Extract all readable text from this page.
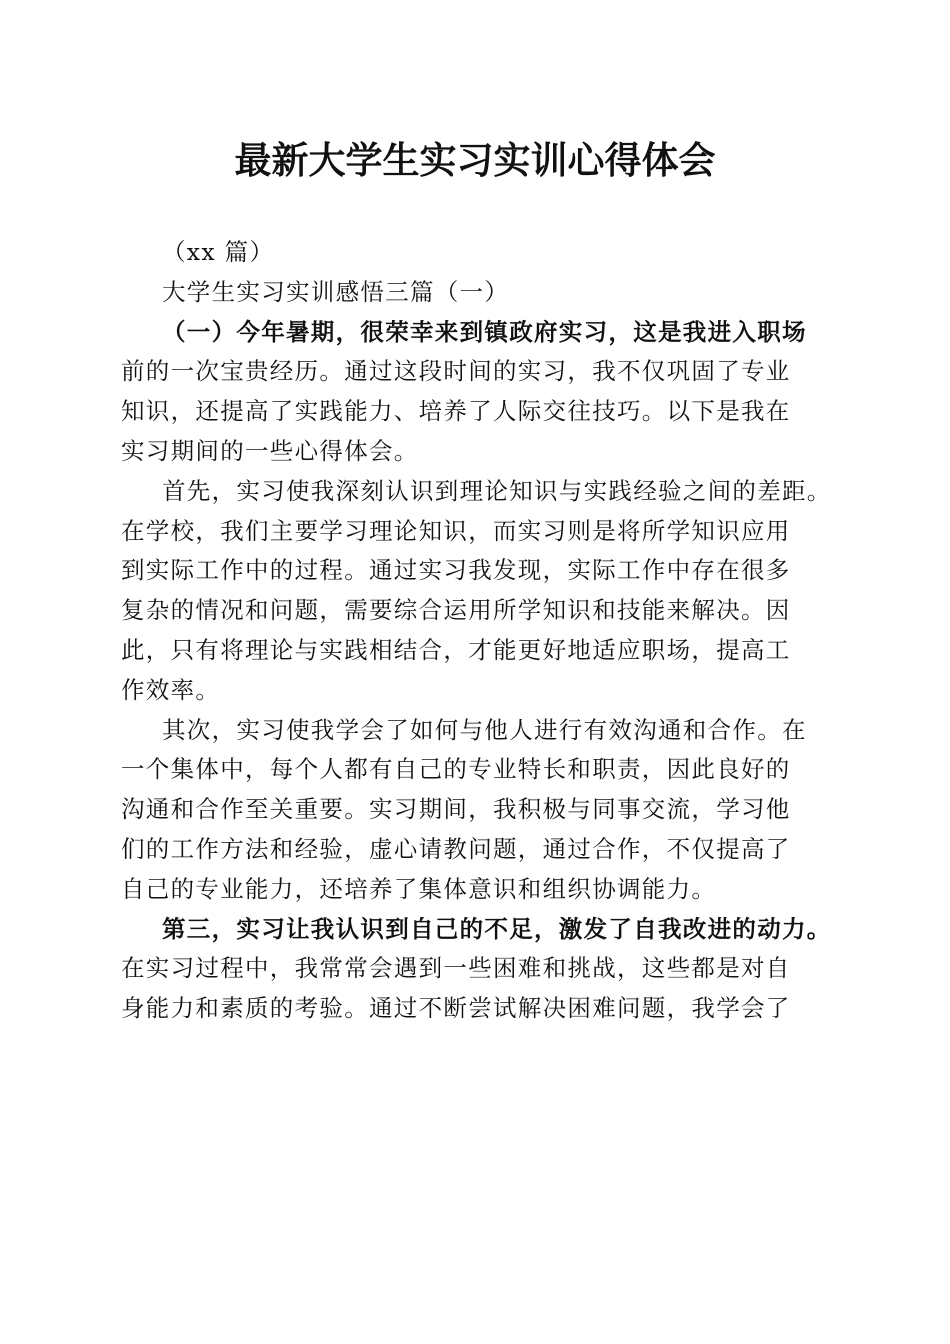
最新大学生实习实训心得体会

（xx 篇）

大学生实习实训感悟三篇（一）

（一）今年暑期，很荣幸来到镇政府实习，这是我进入职场
前的一次宝贵经历。通过这段时间的实习，我不仅巩固了专业
知识，还提高了实践能力、培养了人际交往技巧。以下是我在
实习期间的一些心得体会。

首先，实习使我深刻认识到理论知识与实践经验之间的差距。
在学校，我们主要学习理论知识，而实习则是将所学知识应用
到实际工作中的过程。通过实习我发现，实际工作中存在很多
复杂的情况和问题，需要综合运用所学知识和技能来解决。因
此，只有将理论与实践相结合，才能更好地适应职场，提高工
作效率。

其次，实习使我学会了如何与他人进行有效沟通和合作。在
一个集体中，每个人都有自己的专业特长和职责，因此良好的
沟通和合作至关重要。实习期间，我积极与同事交流，学习他
们的工作方法和经验，虚心请教问题，通过合作，不仅提高了
自己的专业能力，还培养了集体意识和组织协调能力。

第三，实习让我认识到自己的不足，激发了自我改进的动力。
在实习过程中，我常常会遇到一些困难和挑战，这些都是对自
身能力和素质的考验。通过不断尝试解决困难问题，我学会了
